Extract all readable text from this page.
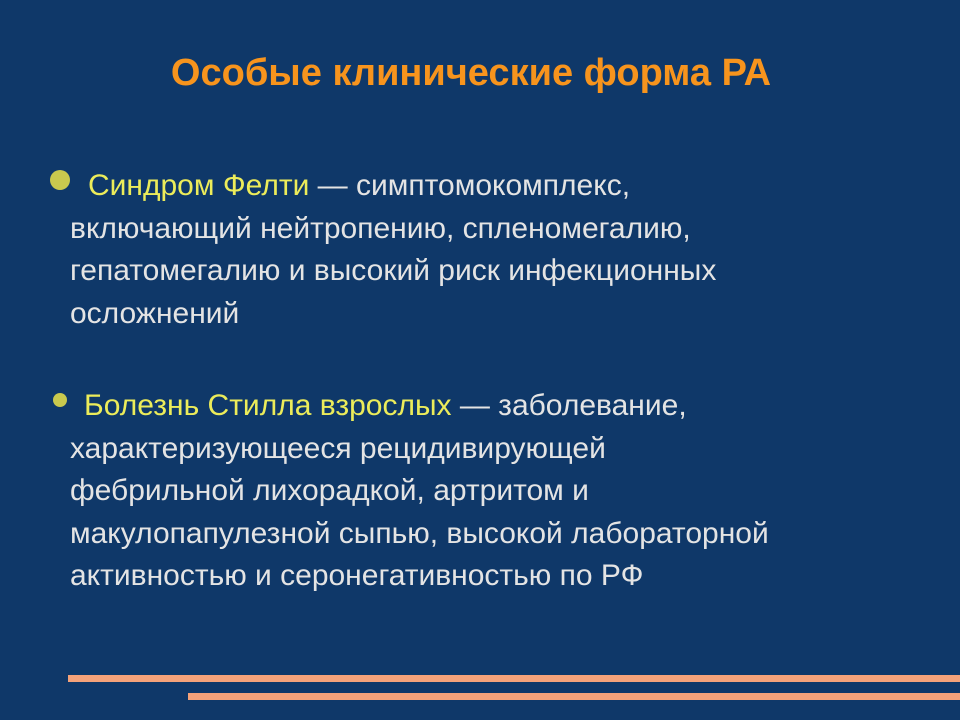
Особые клинические форма РА
Синдром Фелти — симптомокомплекс,
включающий нейтропению, спленомегалию,
гепатомегалию и высокий риск инфекционных
осложнений
Болезнь Стилла взрослых — заболевание,
характеризующееся рецидивирующей
фебрильной лихорадкой, артритом и
макулопапулезной сыпью, высокой лабораторной
активностью и серонегативностью по РФ
